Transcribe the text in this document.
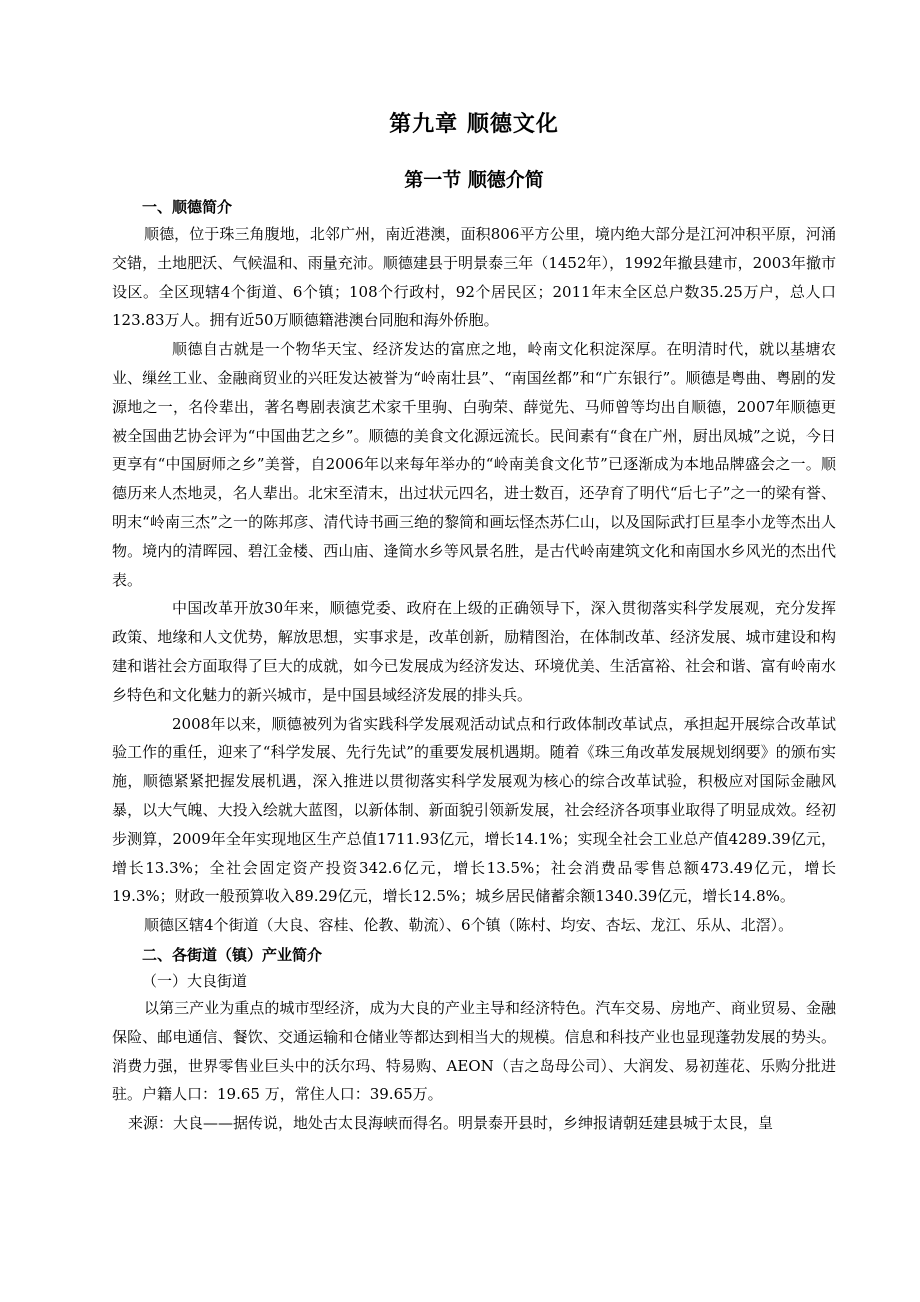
第九章 顺德文化
第一节 顺德介简
一、顺德简介

顺德，位于珠三角腹地，北邻广州，南近港澳，面积806平方公里，境内绝大部分是江河冲积平原，河涌交错，土地肥沃、气候温和、雨量充沛。顺德建县于明景泰三年（1452年），1992年撤县建市，2003年撤市设区。全区现辖4个街道、6个镇；108个行政村，92个居民区；2011年末全区总户数35.25万户，总人口123.83万人。拥有近50万顺德籍港澳台同胞和海外侨胞。

顺德自古就是一个物华天宝、经济发达的富庶之地，岭南文化积淀深厚。在明清时代，就以基塘农业、缫丝工业、金融商贸业的兴旺发达被誉为“岭南壮县”、“南国丝都”和“广东银行”。顺德是粤曲、粤剧的发源地之一，名伶辈出，著名粤剧表演艺术家千里驹、白驹荣、薛觉先、马师曾等均出自顺德，2007年顺德更被全国曲艺协会评为“中国曲艺之乡”。顺德的美食文化源远流长。民间素有“食在广州，厨出凤城”之说，今日更享有“中国厨师之乡”美誉，自2006年以来每年举办的“岭南美食文化节”已逐渐成为本地品牌盛会之一。顺德历来人杰地灵，名人辈出。北宋至清末，出过状元四名，进士数百，还孕育了明代“后七子”之一的梁有誉、明末“岭南三杰”之一的陈邦彦、清代诗书画三绝的黎简和画坛怪杰苏仁山，以及国际武打巨星李小龙等杰出人物。境内的清晖园、碧江金楼、西山庙、逢简水乡等风景名胜，是古代岭南建筑文化和南国水乡风光的杰出代表。

中国改革开放30年来，顺德党委、政府在上级的正确领导下，深入贯彻落实科学发展观，充分发挥政策、地缘和人文优势，解放思想，实事求是，改革创新，励精图治，在体制改革、经济发展、城市建设和构建和谐社会方面取得了巨大的成就，如今已发展成为经济发达、环境优美、生活富裕、社会和谐、富有岭南水乡特色和文化魅力的新兴城市，是中国县域经济发展的排头兵。

2008年以来，顺德被列为省实践科学发展观活动试点和行政体制改革试点，承担起开展综合改革试验工作的重任，迎来了“科学发展、先行先试”的重要发展机遇期。随着《珠三角改革发展规划纲要》的颁布实施，顺德紧紧把握发展机遇，深入推进以贯彻落实科学发展观为核心的综合改革试验，积极应对国际金融风暴，以大气魄、大投入绘就大蓝图，以新体制、新面貌引领新发展，社会经济各项事业取得了明显成效。经初步测算，2009年全年实现地区生产总值1711.93亿元，增长14.1%；实现全社会工业总产值4289.39亿元，增长13.3%；全社会固定资产投资342.6亿元，增长13.5%；社会消费品零售总额473.49亿元，增长19.3%；财政一般预算收入89.29亿元，增长12.5%；城乡居民储蓄余额1340.39亿元，增长14.8%。

顺德区辖4个街道（大良、容桂、伦教、勒流）、6个镇（陈村、均安、杏坛、龙江、乐从、北滘）。

二、各街道（镇）产业简介
（一）大良街道

以第三产业为重点的城市型经济，成为大良的产业主导和经济特色。汽车交易、房地产、商业贸易、金融保险、邮电通信、餐饮、交通运输和仓储业等都达到相当大的规模。信息和科技产业也显现蓬勃发展的势头。消费力强，世界零售业巨头中的沃尔玛、特易购、AEON（吉之岛母公司）、大润发、易初莲花、乐购分批进驻。户籍人口：19.65 万，常住人口：39.65万。

来源：大良——据传说，地处古太艮海峡而得名。明景泰开县时，乡绅报请朝廷建县城于太艮，皇
